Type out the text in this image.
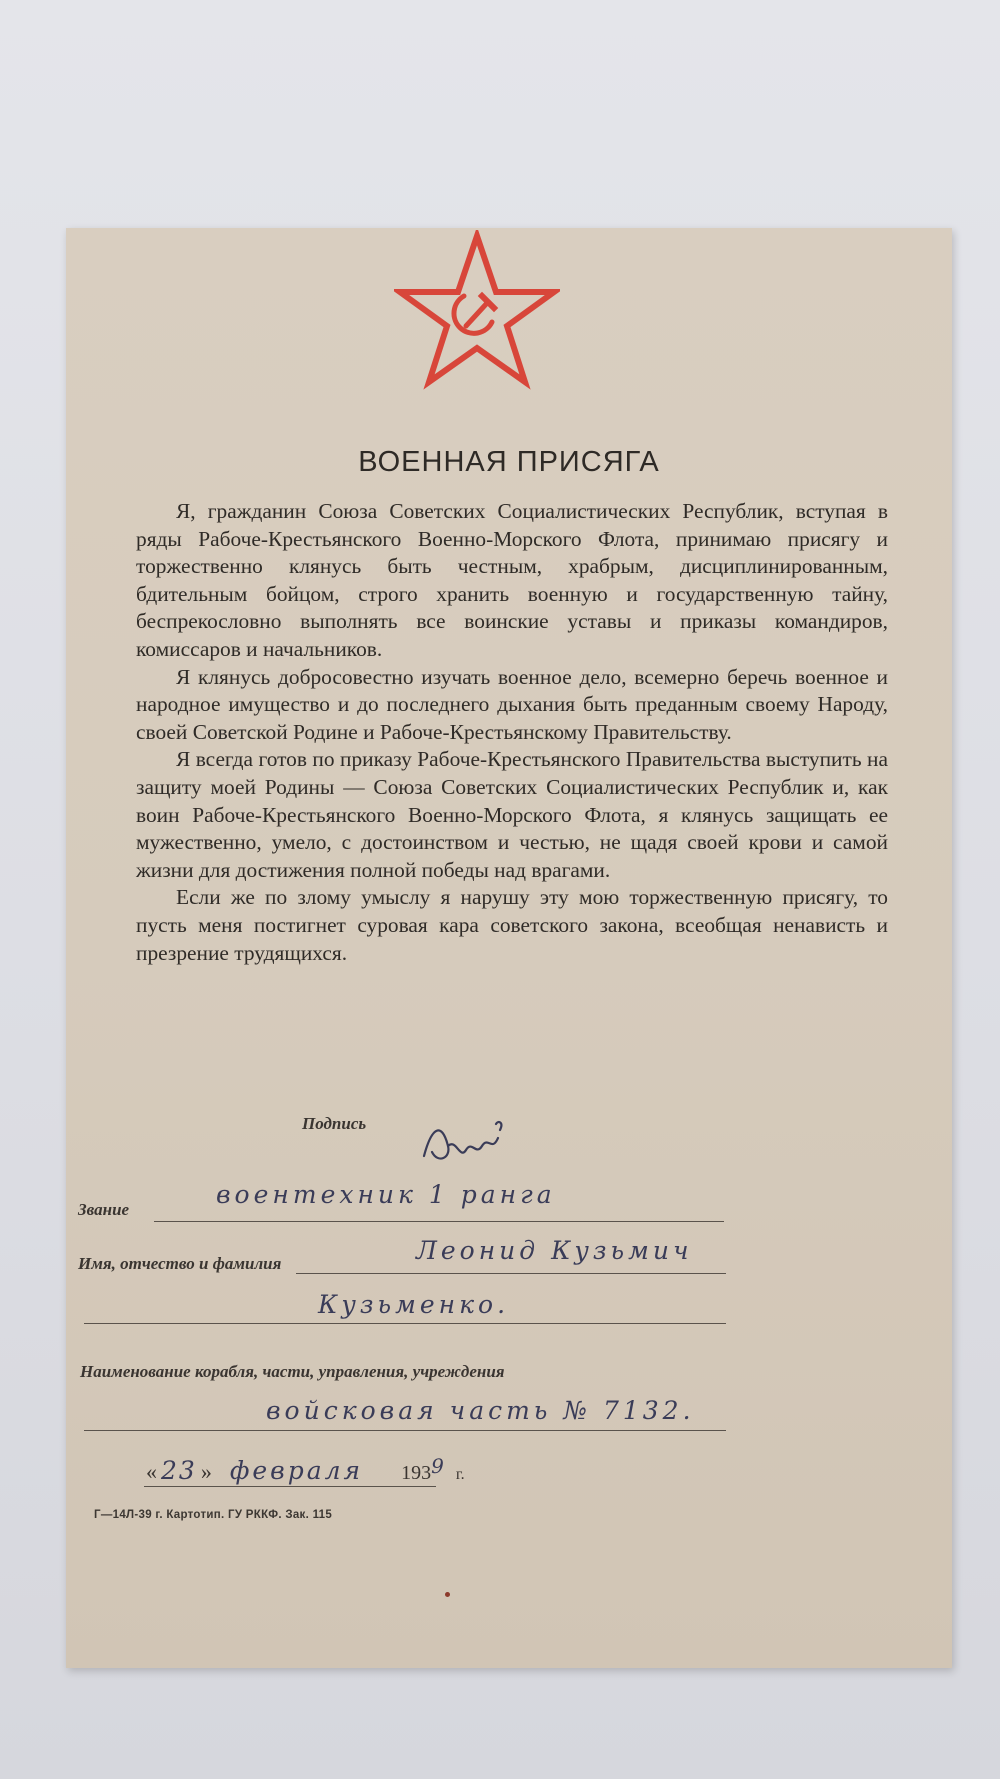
ВОЕННАЯ ПРИСЯГА

Я, гражданин Союза Советских Социалистических Республик, вступая в ряды Рабоче-Крестьянского Военно-Морского Флота, принимаю присягу и торжественно клянусь быть честным, храбрым, дисциплинированным, бдительным бойцом, строго хранить военную и государственную тайну, беспрекословно выполнять все воинские уставы и приказы командиров, комиссаров и начальников.

Я клянусь добросовестно изучать военное дело, всемерно беречь военное и народное имущество и до последнего дыхания быть преданным своему Народу, своей Советской Родине и Рабоче-Крестьянскому Правительству.

Я всегда готов по приказу Рабоче-Крестьянского Правительства выступить на защиту моей Родины — Союза Советских Социалистических Республик и, как воин Рабоче-Крестьянского Военно-Морского Флота, я клянусь защищать ее мужественно, умело, с достоинством и честью, не щадя своей крови и самой жизни для достижения полной победы над врагами.

Если же по злому умыслу я нарушу эту мою торжественную присягу, то пусть меня постигнет суровая кара советского закона, всеобщая ненависть и презрение трудящихся.

Подпись
Звание
воентехник 1 ранга
Имя, отчество и фамилия	Леонид Кузьмич
Кузьменко.
Наименование корабля, части, управления, учреждения
войсковая часть № 7132.
« 23 » февраля 1939 г.
Г—14Л-39 г. Картотип. ГУ РККФ. Зак. 115
